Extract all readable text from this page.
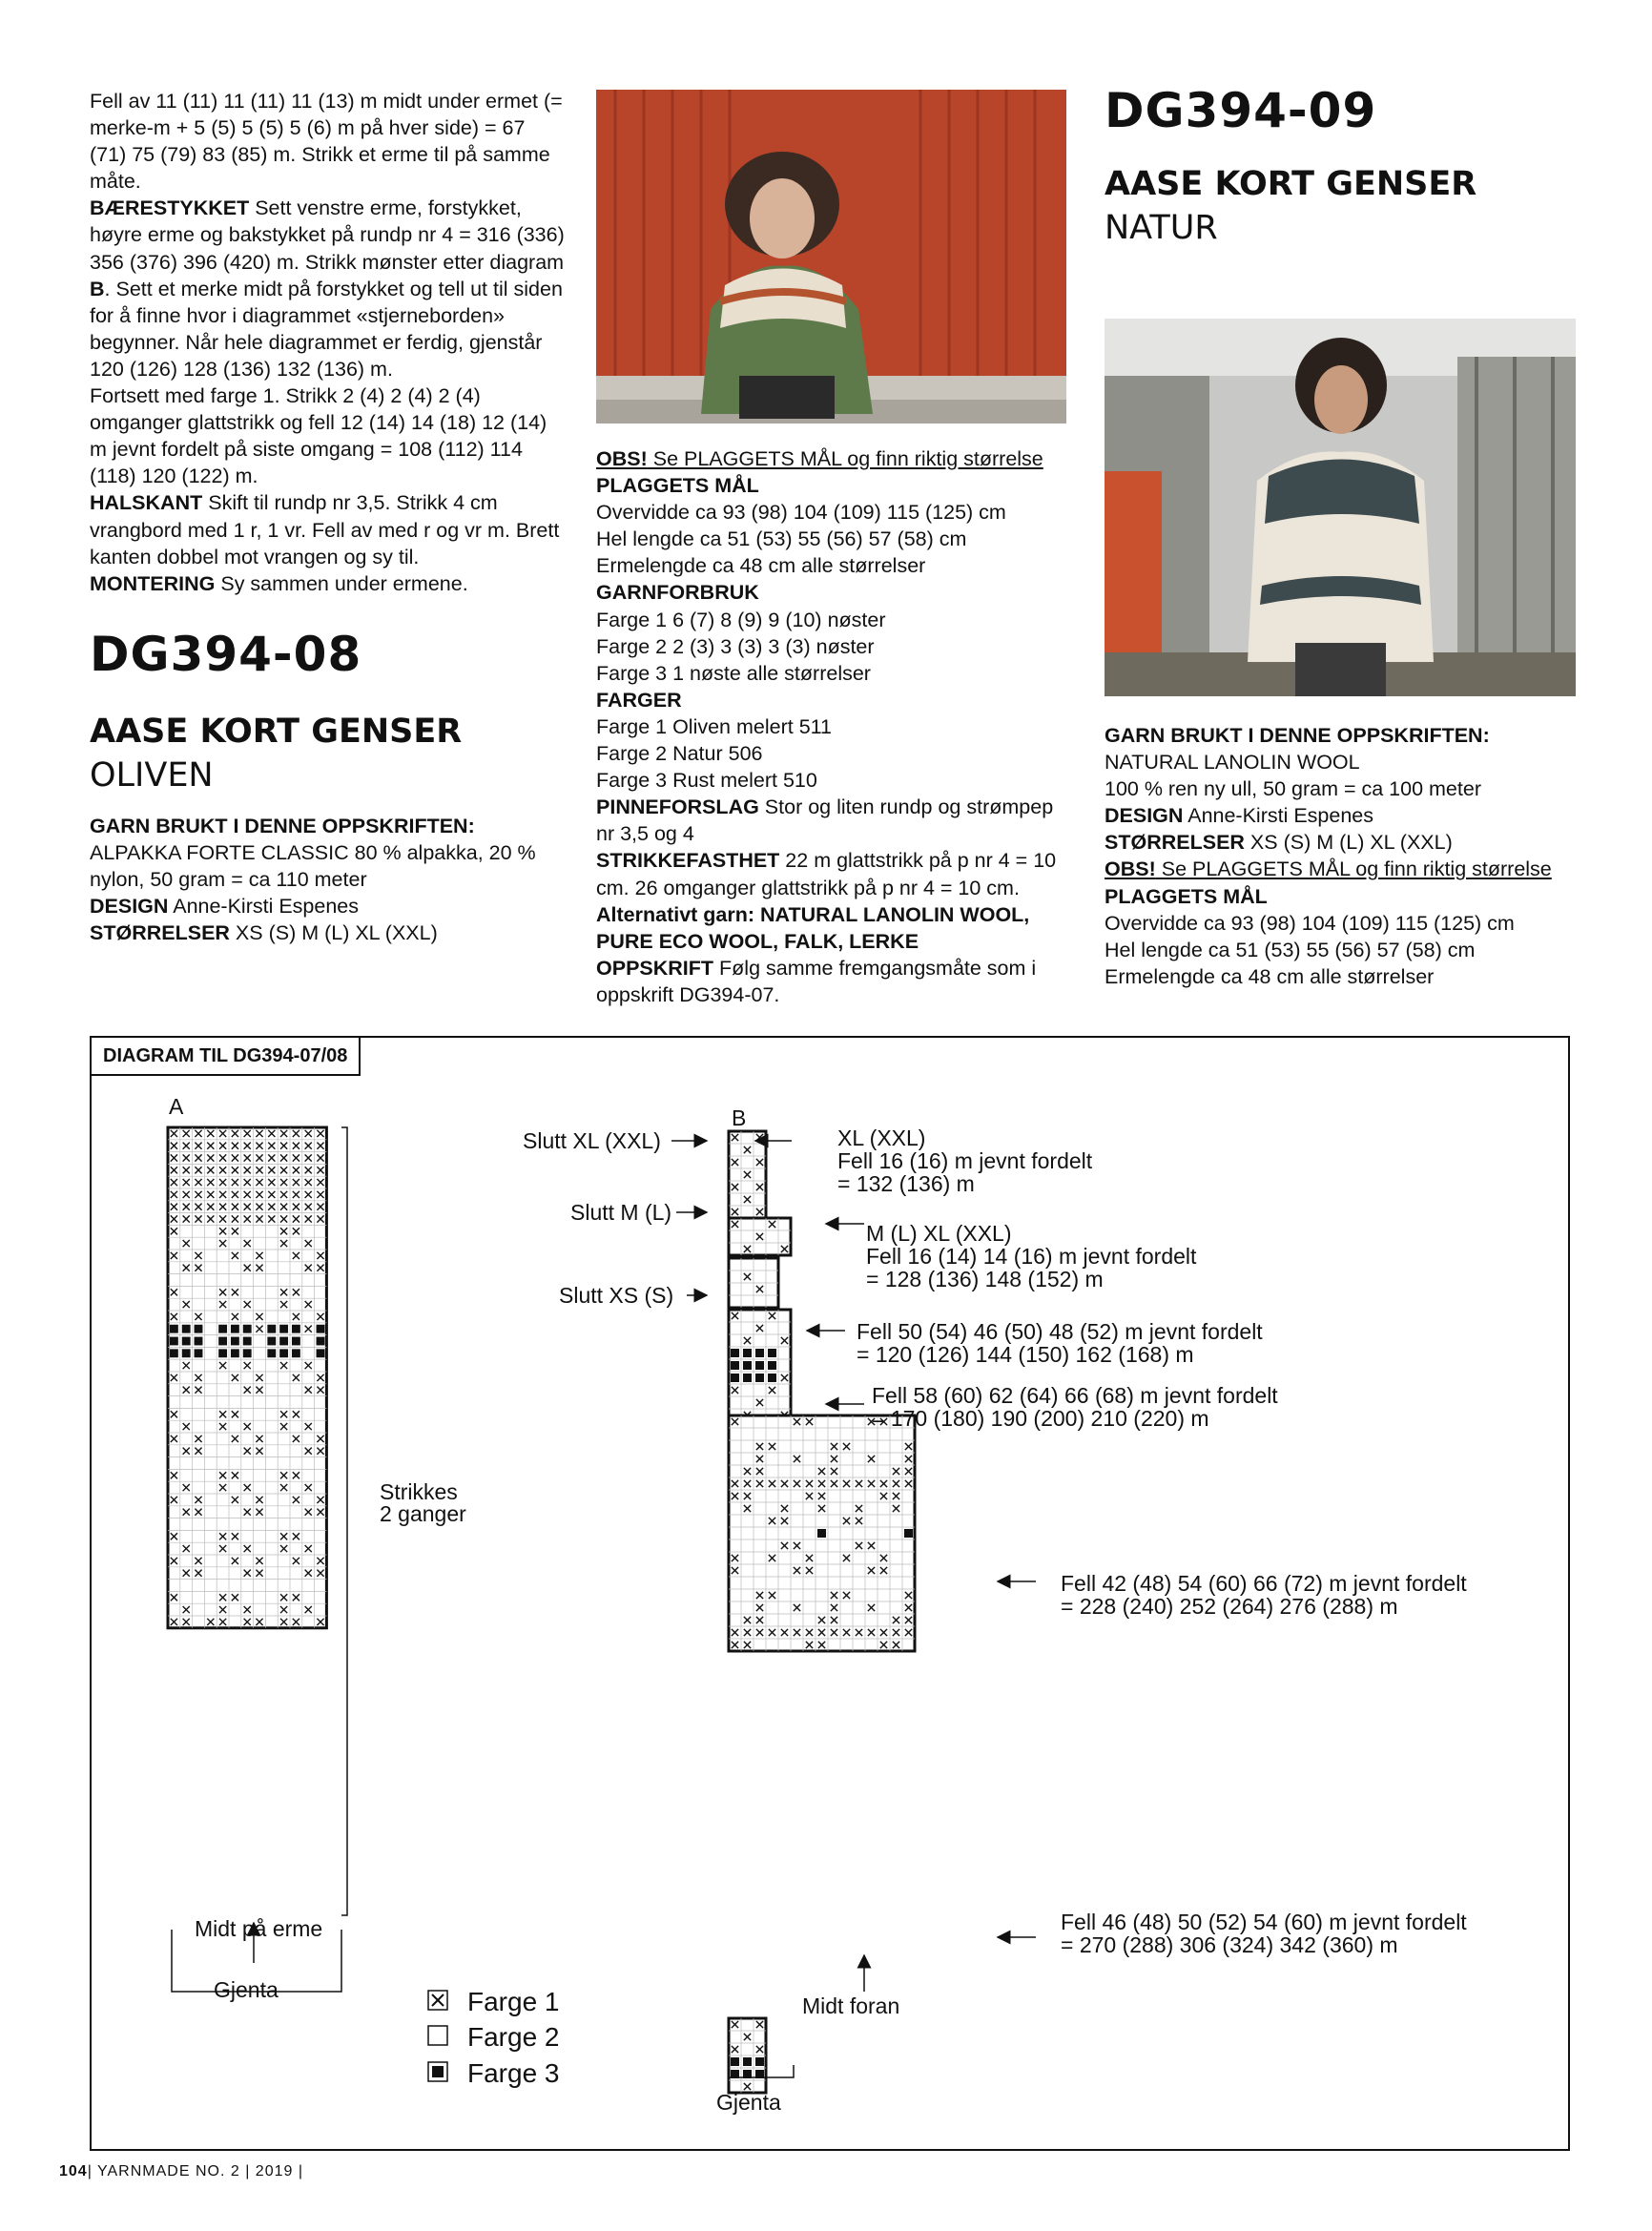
Fell av 11 (11) 11 (11) 11 (13) m midt under ermet (= merke-m + 5 (5) 5 (5) 5 (6) m på hver side) = 67 (71) 75 (79) 83 (85) m. Strikk et erme til på samme måte.

BÆRESTYKKET Sett venstre erme, forstykket, høyre erme og bakstykket på rundp nr 4 = 316 (336) 356 (376) 396 (420) m. Strikk mønster etter diagram B. Sett et merke midt på forstykket og tell ut til siden for å finne hvor i diagrammet «stjerneborden» begynner. Når hele diagrammet er ferdig, gjenstår 120 (126) 128 (136) 132 (136) m.

Fortsett med farge 1. Strikk 2 (4) 2 (4) 2 (4) omganger glattstrikk og fell 12 (14) 14 (18) 12 (14) m jevnt fordelt på siste omgang = 108 (112) 114 (118) 120 (122) m.

HALSKANT Skift til rundp nr 3,5. Strikk 4 cm vrangbord med 1 r, 1 vr. Fell av med r og vr m. Brett kanten dobbel mot vrangen og sy til.

MONTERING Sy sammen under ermene.

DG394-08

AASE KORT GENSER

OLIVEN

GARN BRUKT I DENNE OPPSKRIFTEN:

ALPAKKA FORTE CLASSIC 80 % alpakka, 20 % nylon, 50 gram = ca 110 meter

DESIGN Anne-Kirsti Espenes

STØRRELSER XS (S) M (L) XL (XXL)

OBS! Se PLAGGETS MÅL og finn riktig størrelse

PLAGGETS MÅL

Overvidde ca 93 (98) 104 (109) 115 (125) cm

Hel lengde ca 51 (53) 55 (56) 57 (58) cm

Ermelengde ca 48 cm alle størrelser

GARNFORBRUK

Farge 1 6 (7) 8 (9) 9 (10) nøster

Farge 2 2 (3) 3 (3) 3 (3) nøster

Farge 3 1 nøste alle størrelser

FARGER

Farge 1 Oliven melert 511

Farge 2 Natur 506

Farge 3 Rust melert 510

PINNEFORSLAG Stor og liten rundp og strømpep nr 3,5 og 4

STRIKKEFASTHET 22 m glattstrikk på p nr 4 = 10 cm. 26 omganger glattstrikk på p nr 4 = 10 cm.

Alternativt garn: NATURAL LANOLIN WOOL, PURE ECO WOOL, FALK, LERKE

OPPSKRIFT Følg samme fremgangsmåte som i oppskrift DG394-07.

DG394-09

AASE KORT GENSER

NATUR

GARN BRUKT I DENNE OPPSKRIFTEN:

NATURAL LANOLIN WOOL

100 % ren ny ull, 50 gram = ca 100 meter

DESIGN Anne-Kirsti Espenes

STØRRELSER XS (S) M (L) XL (XXL)

OBS! Se PLAGGETS MÅL og finn riktig størrelse

PLAGGETS MÅL

Overvidde ca 93 (98) 104 (109) 115 (125) cm

Hel lengde ca 51 (53) 55 (56) 57 (58) cm

Ermelengde ca 48 cm alle størrelser

DIAGRAM TIL DG394-07/08
A	B
Strikkes
2 ganger
Midt på erme
Gjenta
Midt foran
Gjenta
Slutt XL (XXL)
Slutt M (L)
Slutt XS (S)
XL (XXL)
Fell 16 (16) m jevnt fordelt
= 132 (136) m
M (L) XL (XXL)
Fell 16 (14) 14 (16) m jevnt fordelt
= 128 (136) 148 (152) m
Fell 50 (54) 46 (50) 48 (52) m jevnt fordelt
= 120 (126) 144 (150) 162 (168) m
Fell 58 (60) 62 (64) 66 (68) m jevnt fordelt
= 170 (180) 190 (200) 210 (220) m
Fell 42 (48) 54 (60) 66 (72) m jevnt fordelt
= 228 (240) 252 (264) 276 (288) m
Fell 46 (48) 50 (52) 54 (60) m jevnt fordelt
= 270 (288) 306 (324) 342 (360) m
Farge 1
Farge 2
Farge 3
104| YARNMADE NO. 2 | 2019 |
